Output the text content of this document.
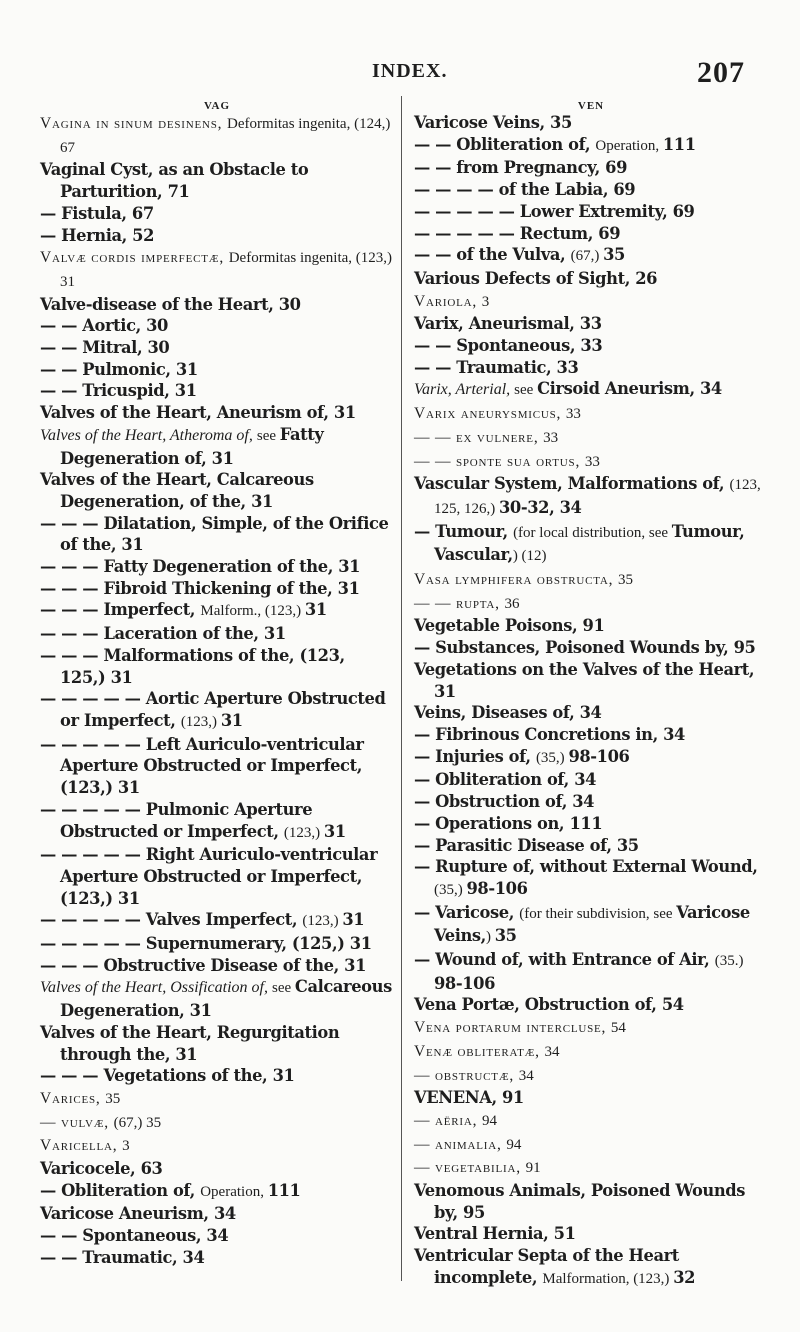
INDEX.	207
VAG

Vagina in sinum desinens, Deformitas ingenita, (124,) 67

Vaginal Cyst, as an Obstacle to Parturition, 71

— Fistula, 67

— Hernia, 52

Valvæ cordis imperfectæ, Deformitas ingenita, (123,) 31

Valve-disease of the Heart, 30

— — Aortic, 30

— — Mitral, 30

— — Pulmonic, 31

— — Tricuspid, 31

Valves of the Heart, Aneurism of, 31

Valves of the Heart, Atheroma of, see Fatty Degeneration of, 31

Valves of the Heart, Calcareous Degeneration, of the, 31

— — — Dilatation, Simple, of the Orifice of the, 31

— — — Fatty Degeneration of the, 31

— — — Fibroid Thickening of the, 31

— — — Imperfect, Malform., (123,) 31

— — — Laceration of the, 31

— — — Malformations of the, (123, 125,) 31

— — — — — Aortic Aperture Obstructed or Imperfect, (123,) 31

— — — — — Left Auriculo-ventricular Aperture Obstructed or Imperfect, (123,) 31

— — — — — Pulmonic Aperture Obstructed or Imperfect, (123,) 31

— — — — — Right Auriculo-ventricular Aperture Obstructed or Imperfect, (123,) 31

— — — — — Valves Imperfect, (123,) 31

— — — — — Supernumerary, (125,) 31

— — — Obstructive Disease of the, 31

Valves of the Heart, Ossification of, see Calcareous Degeneration, 31

Valves of the Heart, Regurgitation through the, 31

— — — Vegetations of the, 31

Varices, 35

— vulvæ, (67,) 35

Varicella, 3

Varicocele, 63

— Obliteration of, Operation, 111

Varicose Aneurism, 34

— — Spontaneous, 34

— — Traumatic, 34

VEN

Varicose Veins, 35

— — Obliteration of, Operation, 111

— — from Pregnancy, 69

— — — — of the Labia, 69

— — — — — Lower Extremity, 69

— — — — — Rectum, 69

— — of the Vulva, (67,) 35

Various Defects of Sight, 26

Variola, 3

Varix, Aneurismal, 33

— — Spontaneous, 33

— — Traumatic, 33

Varix, Arterial, see Cirsoid Aneurism, 34

Varix aneurysmicus, 33

— — ex vulnere, 33

— — sponte sua ortus, 33

Vascular System, Malformations of, (123, 125, 126,) 30-32, 34

— Tumour, (for local distribution, see Tumour, Vascular,) (12)

Vasa lymphifera obstructa, 35

— — rupta, 36

Vegetable Poisons, 91

— Substances, Poisoned Wounds by, 95

Vegetations on the Valves of the Heart, 31

Veins, Diseases of, 34

— Fibrinous Concretions in, 34

— Injuries of, (35,) 98-106

— Obliteration of, 34

— Obstruction of, 34

— Operations on, 111

— Parasitic Disease of, 35

— Rupture of, without External Wound, (35,) 98-106

— Varicose, (for their subdivision, see Varicose Veins,) 35

— Wound of, with Entrance of Air, (35.) 98-106

Vena Portæ, Obstruction of, 54

Vena portarum intercluse, 54

Venæ obliteratæ, 34

— obstructæ, 34

VENENA, 91

— aëria, 94

— animalia, 94

— vegetabilia, 91

Venomous Animals, Poisoned Wounds by, 95

Ventral Hernia, 51

Ventricular Septa of the Heart incomplete, Malformation, (123,) 32
